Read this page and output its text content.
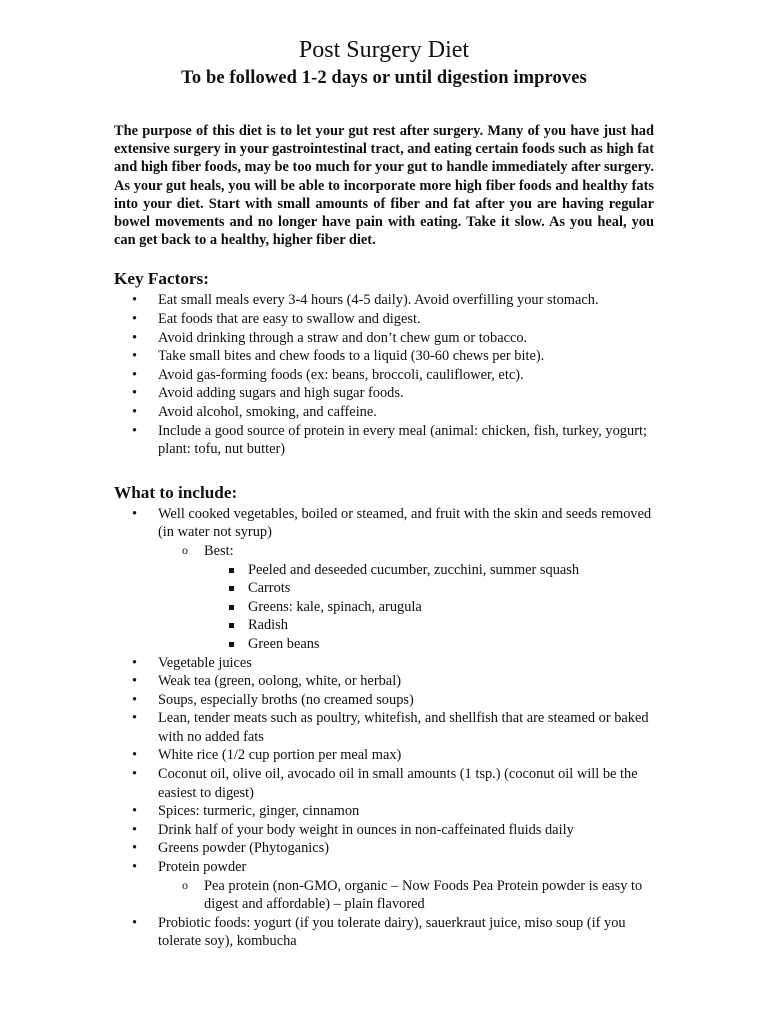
Post Surgery Diet
To be followed 1-2 days or until digestion improves

The purpose of this diet is to let your gut rest after surgery. Many of you have just had extensive surgery in your gastrointestinal tract, and eating certain foods such as high fat and high fiber foods, may be too much for your gut to handle immediately after surgery. As your gut heals, you will be able to incorporate more high fiber foods and healthy fats into your diet. Start with small amounts of fiber and fat after you are having regular bowel movements and no longer have pain with eating. Take it slow. As you heal, you can get back to a healthy, higher fiber diet.

Key Factors:
• Eat small meals every 3-4 hours (4-5 daily). Avoid overfilling your stomach.
• Eat foods that are easy to swallow and digest.
• Avoid drinking through a straw and don’t chew gum or tobacco.
• Take small bites and chew foods to a liquid (30-60 chews per bite).
• Avoid gas-forming foods (ex: beans, broccoli, cauliflower, etc).
• Avoid adding sugars and high sugar foods.
• Avoid alcohol, smoking, and caffeine.
• Include a good source of protein in every meal (animal: chicken, fish, turkey, yogurt; plant: tofu, nut butter)
What to include:
• Well cooked vegetables, boiled or steamed, and fruit with the skin and seeds removed (in water not syrup)
o Best:
Peeled and deseeded cucumber, zucchini, summer squash
Carrots
Greens: kale, spinach, arugula
Radish
Green beans
• Vegetable juices
• Weak tea (green, oolong, white, or herbal)
• Soups, especially broths (no creamed soups)
• Lean, tender meats such as poultry, whitefish, and shellfish that are steamed or baked with no added fats
• White rice (1/2 cup portion per meal max)
• Coconut oil, olive oil, avocado oil in small amounts (1 tsp.) (coconut oil will be the easiest to digest)
• Spices: turmeric, ginger, cinnamon
• Drink half of your body weight in ounces in non-caffeinated fluids daily
• Greens powder (Phytoganics)
• Protein powder
o Pea protein (non-GMO, organic – Now Foods Pea Protein powder is easy to digest and affordable) – plain flavored
• Probiotic foods: yogurt (if you tolerate dairy), sauerkraut juice, miso soup (if you tolerate soy), kombucha
